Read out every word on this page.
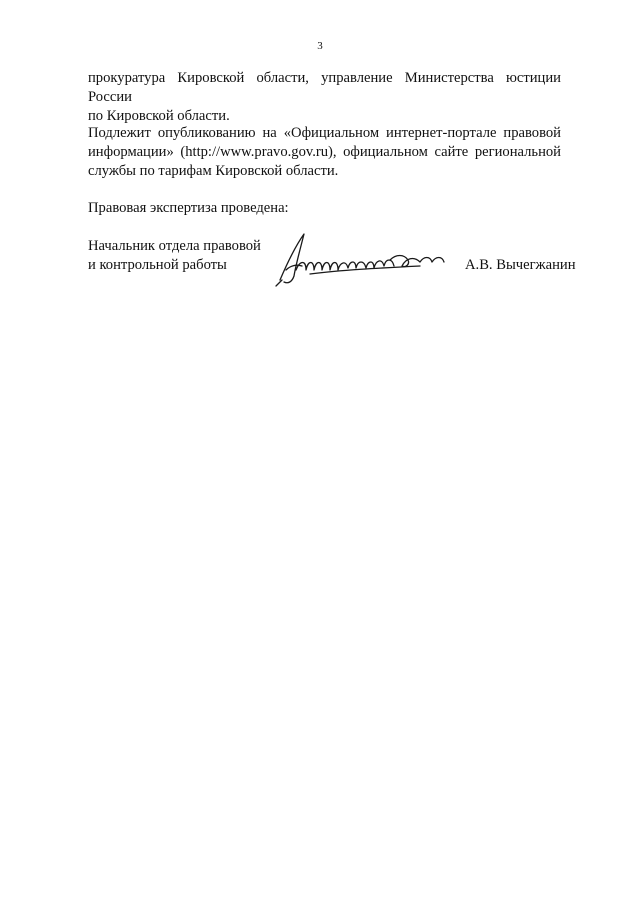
3
прокуратура Кировской области, управление Министерства юстиции России
по Кировской области.
Подлежит опубликованию на «Официальном интернет-портале правовой
информации» (http://www.pravo.gov.ru), официальном сайте региональной
службы по тарифам Кировской области.
Правовая экспертиза проведена:
Начальник отдела правовой
и контрольной работы	А.В. Вычегжанин
